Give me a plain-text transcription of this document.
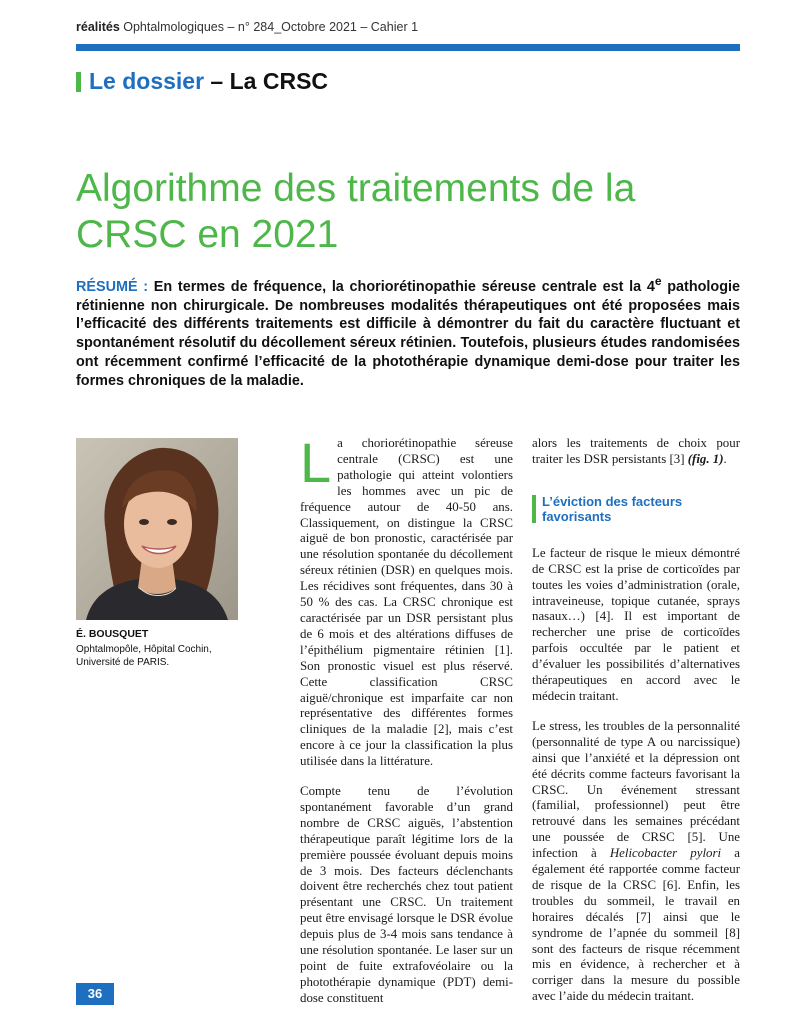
réalités Ophtalmologiques – n° 284_Octobre 2021 – Cahier 1
Le dossier – La CRSC
Algorithme des traitements de la CRSC en 2021
RÉSUMÉ : En termes de fréquence, la choriorétinopathie séreuse centrale est la 4e pathologie rétinienne non chirurgicale. De nombreuses modalités thérapeutiques ont été proposées mais l’efficacité des différents traitements est difficile à démontrer du fait du caractère fluctuant et spontanément résolutif du décollement séreux rétinien. Toutefois, plusieurs études randomisées ont récemment confirmé l’efficacité de la photothérapie dynamique demi-dose pour traiter les formes chroniques de la maladie.
É. BOUSQUET
Ophtalmopôle, Hôpital Cochin, Université de PARIS.
L a choriorétinopathie séreuse centrale (CRSC) est une pathologie qui atteint volontiers les hommes avec un pic de fréquence autour de 40-50 ans. Classiquement, on distingue la CRSC aiguë de bon pronostic, caractérisée par une résolution spontanée du décollement séreux rétinien (DSR) en quelques mois. Les récidives sont fréquentes, dans 30 à 50 % des cas. La CRSC chronique est caractérisée par un DSR persistant plus de 6 mois et des altérations diffuses de l’épithélium pigmentaire rétinien [1]. Son pronostic visuel est plus réservé. Cette classification CRSC aiguë/chronique est imparfaite car non représentative des différentes formes cliniques de la maladie [2], mais c’est encore à ce jour la classification la plus utilisée dans la littérature.

Compte tenu de l’évolution spontanément favorable d’un grand nombre de CRSC aiguës, l’abstention thérapeutique paraît légitime lors de la première poussée évoluant depuis moins de 3 mois. Des facteurs déclenchants doivent être recherchés chez tout patient présentant une CRSC. Un traitement peut être envisagé lorsque le DSR évolue depuis plus de 3-4 mois sans tendance à une résolution spontanée. Le laser sur un point de fuite extrafovéolaire ou la photothérapie dynamique (PDT) demi-dose constituent

alors les traitements de choix pour traiter les DSR persistants [3] (fig. 1).

L’éviction des facteurs favorisants

Le facteur de risque le mieux démontré de CRSC est la prise de corticoïdes par toutes les voies d’administration (orale, intraveineuse, topique cutanée, sprays nasaux…) [4]. Il est important de rechercher une prise de corticoïdes parfois occultée par le patient et d’évaluer les possibilités d’alternatives thérapeutiques en accord avec le médecin traitant.

Le stress, les troubles de la personnalité (personnalité de type A ou narcissique) ainsi que l’anxiété et la dépression ont été décrits comme facteurs favorisant la CRSC. Un événement stressant (familial, professionnel) peut être retrouvé dans les semaines précédant une poussée de CRSC [5]. Une infection à Helicobacter pylori a également été rapportée comme facteur de risque de la CRSC [6]. Enfin, les troubles du sommeil, le travail en horaires décalés [7] ainsi que le syndrome de l’apnée du sommeil [8] sont des facteurs de risque récemment mis en évidence, à rechercher et à corriger dans la mesure du possible avec l’aide du médecin traitant.

36
